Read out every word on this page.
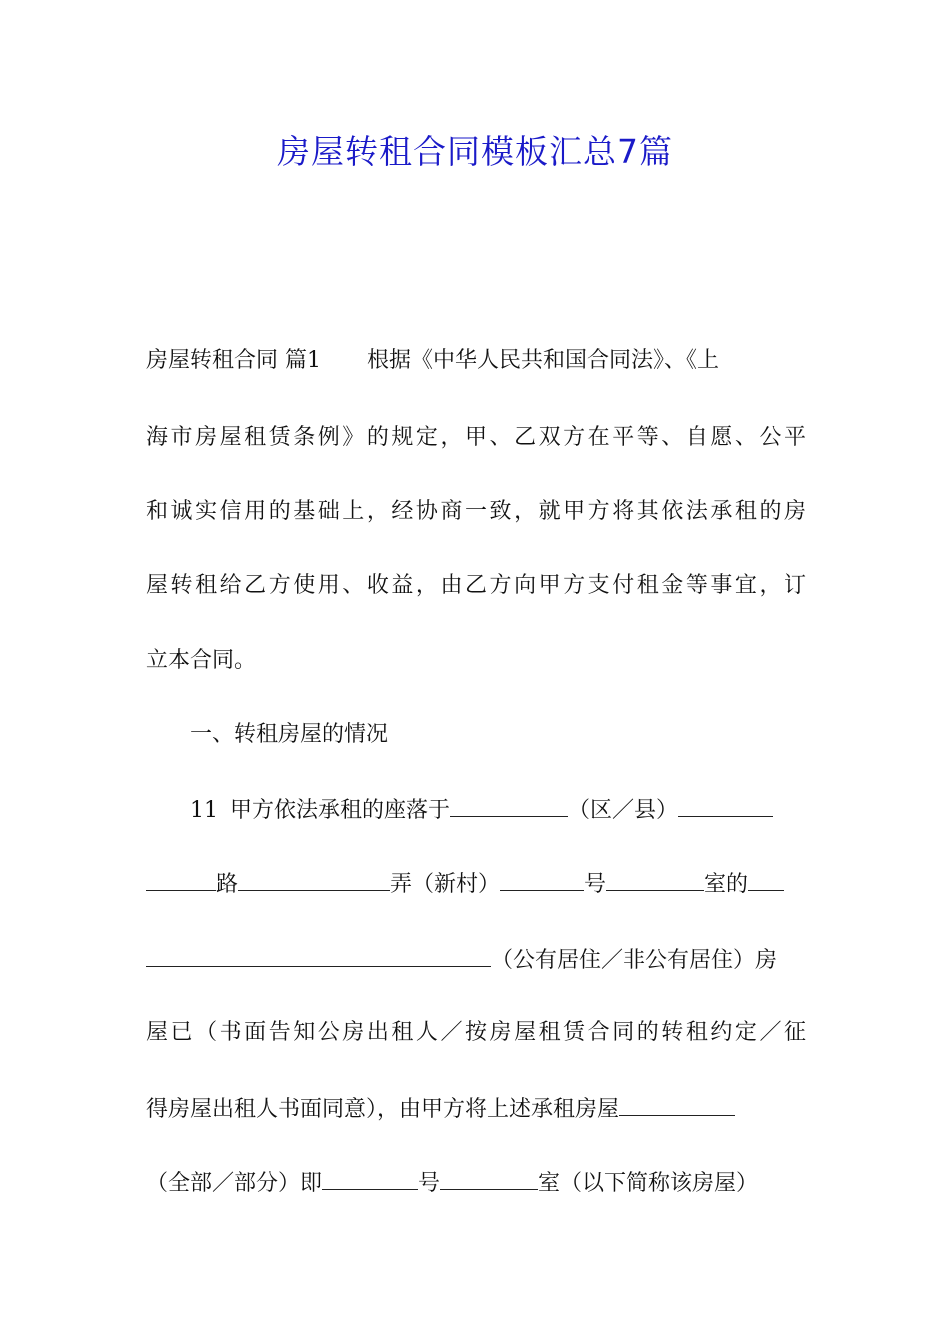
房屋转租合同模板汇总7篇
房屋转租合同 篇1 根据《中华人民共和国合同法》、《上
海市房屋租赁条例》的规定，甲、乙双方在平等、自愿、公平
和诚实信用的基础上，经协商一致，就甲方将其依法承租的房
屋转租给乙方使用、收益，由乙方向甲方支付租金等事宜，订
立本合同。
一、转租房屋的情况
11 甲方依法承租的座落于	（区／县）
路	弄（新村）	号	室的
（公有居住／非公有居住）房
屋已（书面告知公房出租人／按房屋租赁合同的转租约定／征
得房屋出租人书面同意），由甲方将上述承租房屋
（全部／部分）即	号	室（以下简称该房屋）
